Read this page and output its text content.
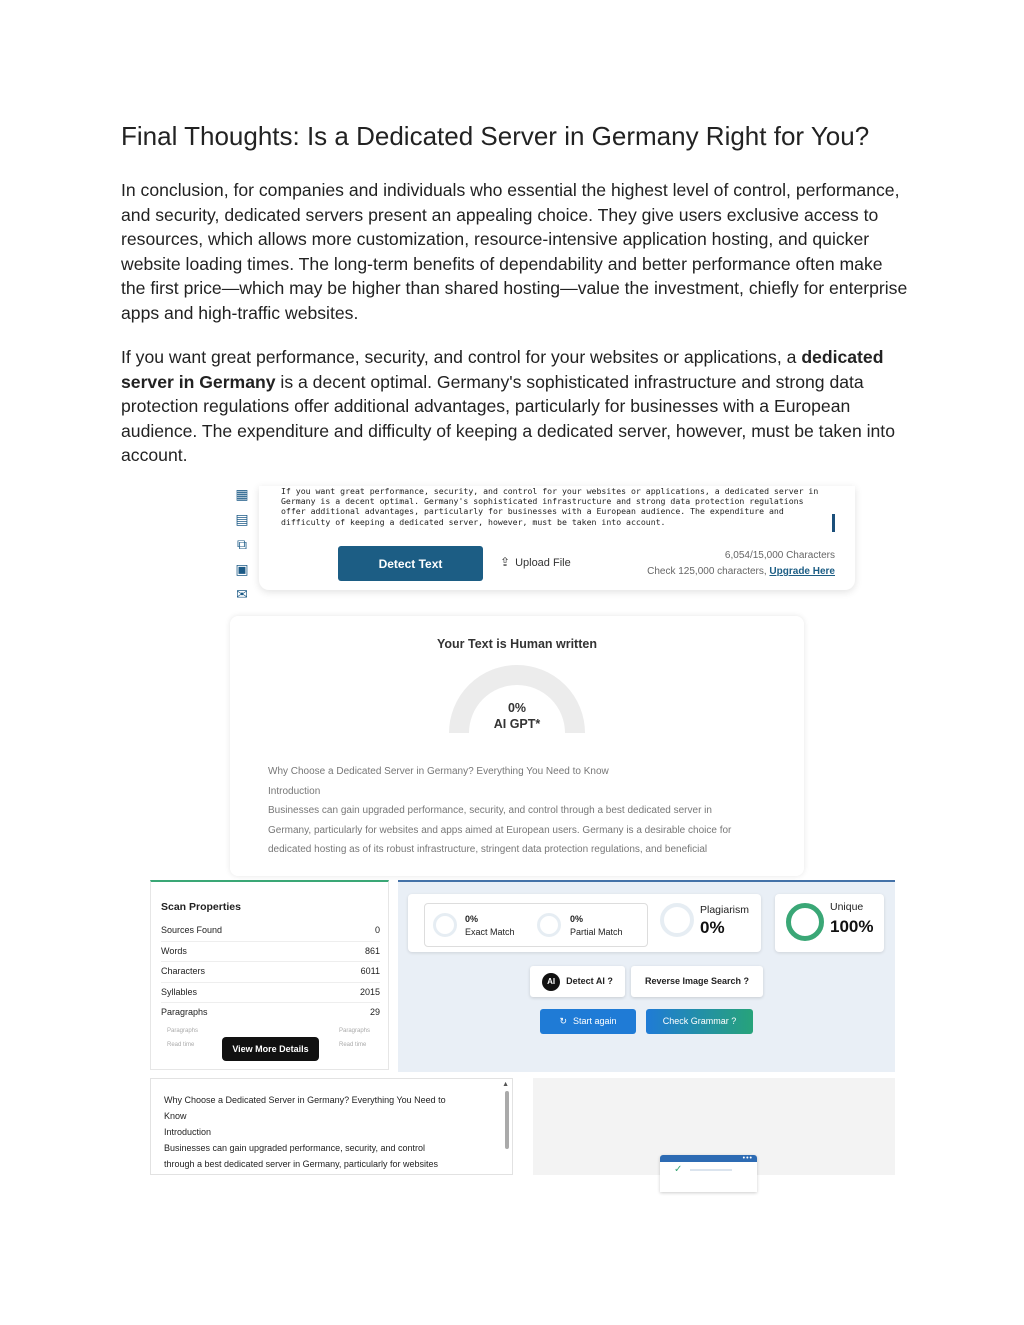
Final Thoughts: Is a Dedicated Server in Germany Right for You?

In conclusion, for companies and individuals who essential the highest level of control, performance, and security, dedicated servers present an appealing choice. They give users exclusive access to resources, which allows more customization, resource-intensive application hosting, and quicker website loading times. The long-term benefits of dependability and better performance often make the first price—which may be higher than shared hosting—value the investment, chiefly for enterprise apps and high-traffic websites.

If you want great performance, security, and control for your websites or applications, a dedicated server in Germany is a decent optimal. Germany's sophisticated infrastructure and strong data protection regulations offer additional advantages, particularly for businesses with a European audience. The expenditure and difficulty of keeping a dedicated server, however, must be taken into account.

▦
▤
⧉
▣
✉
If you want great performance, security, and control for your websites or applications, a dedicated server in Germany is a decent optimal. Germany's sophisticated infrastructure and strong data protection regulations offer additional advantages, particularly for businesses with a European audience. The expenditure and difficulty of keeping a dedicated server, however, must be taken into account.
Detect Text	⇪ Upload File
6,054/15,000 Characters
Check 125,000 characters, Upgrade Here
Your Text is Human written
0%
AI GPT*
Why Choose a Dedicated Server in Germany? Everything You Need to Know
Introduction
Businesses can gain upgraded performance, security, and control through a best dedicated server in
Germany, particularly for websites and apps aimed at European users. Germany is a desirable choice for
dedicated hosting as of its robust infrastructure, stringent data protection regulations, and beneficial
Scan Properties
Sources Found	0
Words	861
Characters	6011
Syllables	2015
Paragraphs	29
Paragraphs	Paragraphs
Read time	Read time
View More Details
0%
Exact Match
0%
Partial Match
Plagiarism
0%
Unique
100%
AI Detect AI ?	Reverse Image Search ?
↻ Start again	Check Grammar ?
Why Choose a Dedicated Server in Germany? Everything You Need to
Know
Introduction
Businesses can gain upgraded performance, security, and control
through a best dedicated server in Germany, particularly for websites
▲
•••
✓
